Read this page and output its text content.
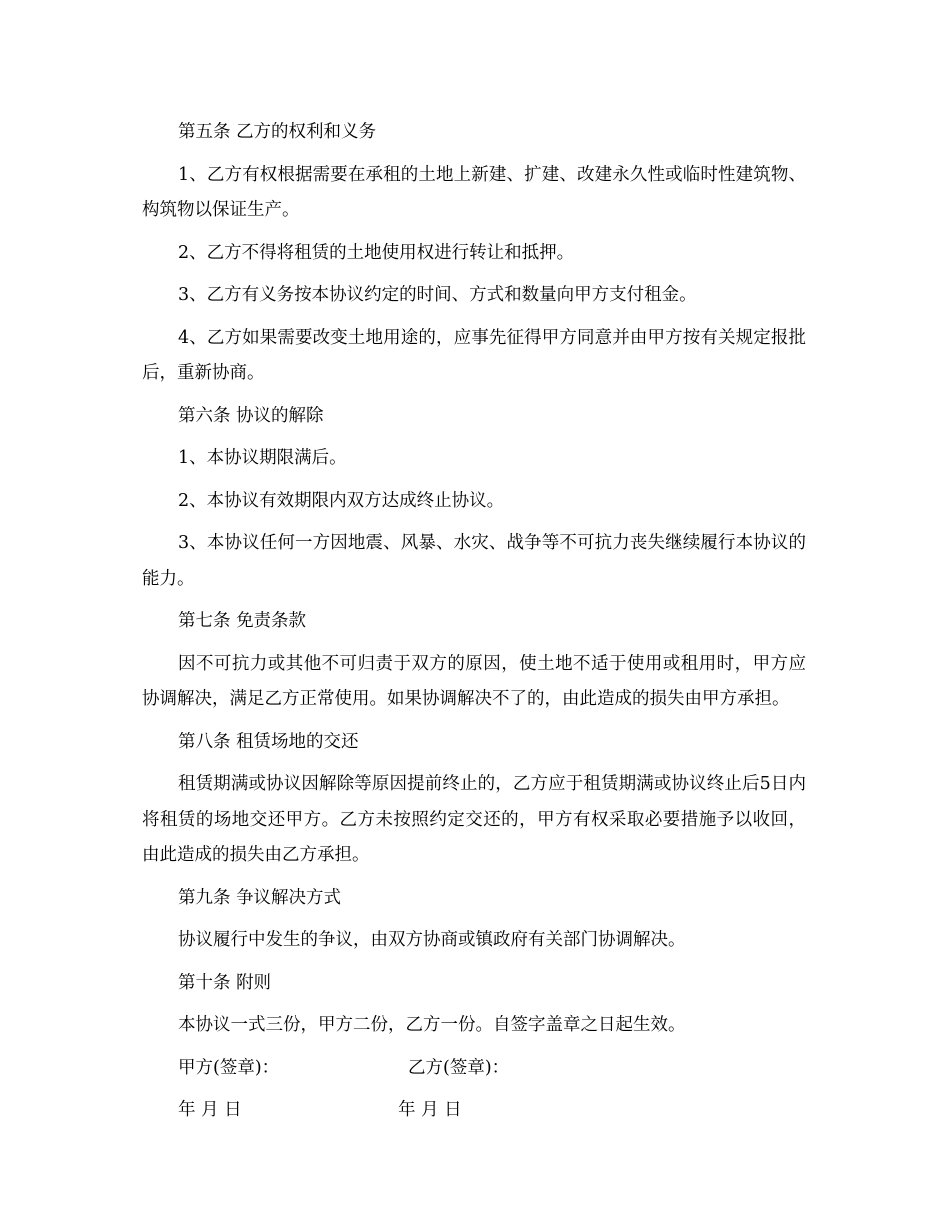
第五条 乙方的权利和义务

1、乙方有权根据需要在承租的土地上新建、扩建、改建永久性或临时性建筑物、构筑物以保证生产。

2、乙方不得将租赁的土地使用权进行转让和抵押。

3、乙方有义务按本协议约定的时间、方式和数量向甲方支付租金。

4、乙方如果需要改变土地用途的，应事先征得甲方同意并由甲方按有关规定报批后，重新协商。

第六条 协议的解除

1、本协议期限满后。

2、本协议有效期限内双方达成终止协议。

3、本协议任何一方因地震、风暴、水灾、战争等不可抗力丧失继续履行本协议的能力。

第七条 免责条款

因不可抗力或其他不可归责于双方的原因，使土地不适于使用或租用时，甲方应协调解决，满足乙方正常使用。如果协调解决不了的，由此造成的损失由甲方承担。

第八条 租赁场地的交还

租赁期满或协议因解除等原因提前终止的，乙方应于租赁期满或协议终止后5日内将租赁的场地交还甲方。乙方未按照约定交还的，甲方有权采取必要措施予以收回，由此造成的损失由乙方承担。

第九条 争议解决方式

协议履行中发生的争议，由双方协商或镇政府有关部门协调解决。

第十条 附则

本协议一式三份，甲方二份，乙方一份。自签字盖章之日起生效。

甲方(签章)：	乙方(签章)：
年 月 日	年 月 日
